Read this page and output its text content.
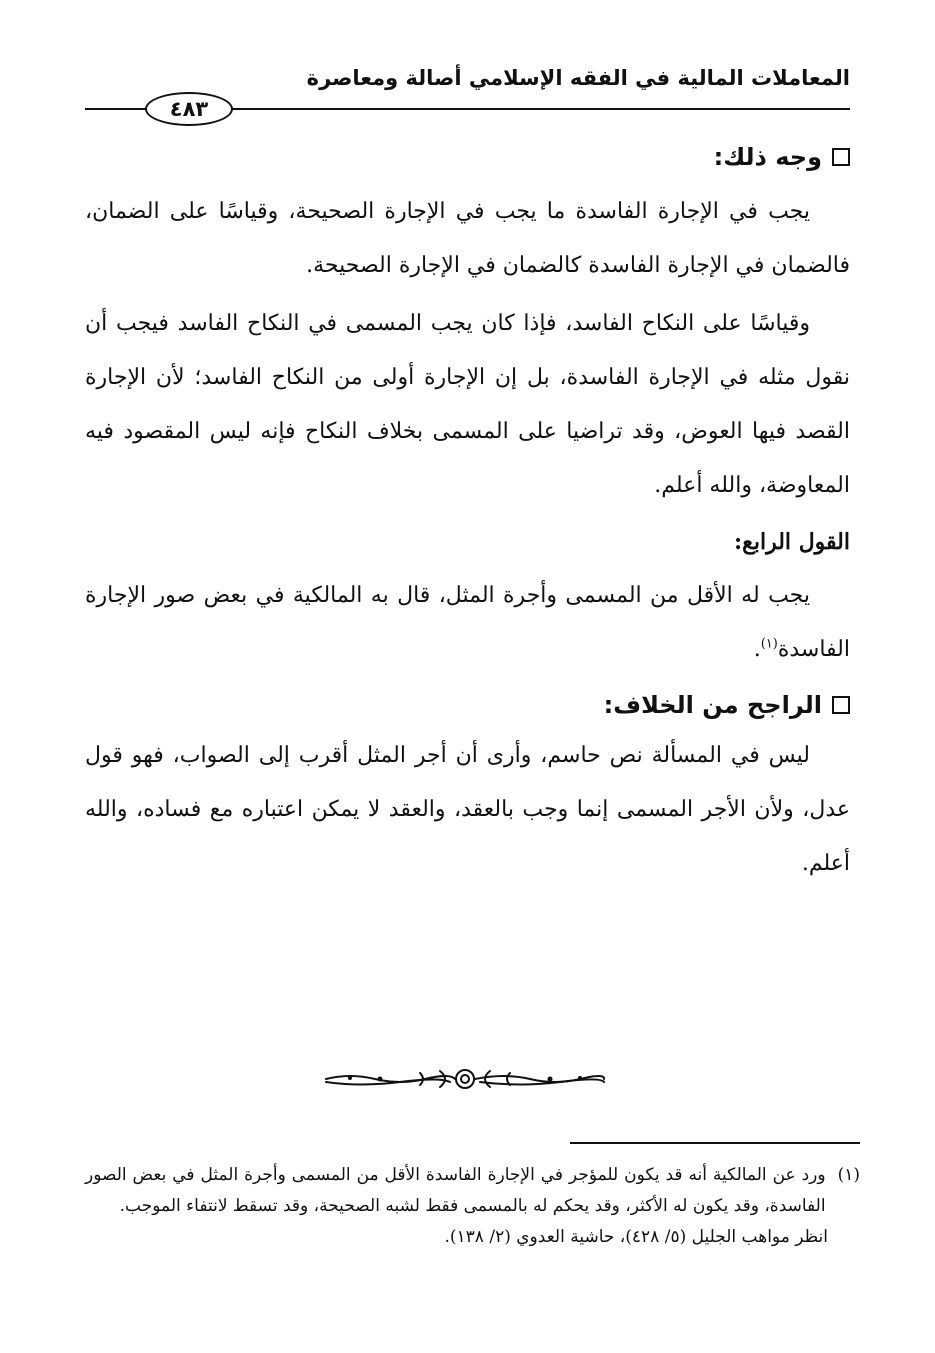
المعاملات المالية في الفقه الإسلامي أصالة ومعاصرة
٤٨٣
وجه ذلك:

يجب في الإجارة الفاسدة ما يجب في الإجارة الصحيحة، وقياسًا على الضمان، فالضمان في الإجارة الفاسدة كالضمان في الإجارة الصحيحة.

وقياسًا على النكاح الفاسد، فإذا كان يجب المسمى في النكاح الفاسد فيجب أن نقول مثله في الإجارة الفاسدة، بل إن الإجارة أولى من النكاح الفاسد؛ لأن الإجارة القصد فيها العوض، وقد تراضيا على المسمى بخلاف النكاح فإنه ليس المقصود فيه المعاوضة، والله أعلم.

القول الرابع:

يجب له الأقل من المسمى وأجرة المثل، قال به المالكية في بعض صور الإجارة الفاسدة$^{(١)}$.

الراجح من الخلاف:

ليس في المسألة نص حاسم، وأرى أن أجر المثل أقرب إلى الصواب، فهو قول عدل، ولأن الأجر المسمى إنما وجب بالعقد، والعقد لا يمكن اعتباره مع فساده، والله أعلم.

(١)
ورد عن المالكية أنه قد يكون للمؤجر في الإجارة الفاسدة الأقل من المسمى وأجرة المثل في بعض الصور الفاسدة، وقد يكون له الأكثر، وقد يحكم له بالمسمى فقط لشبه الصحيحة، وقد تسقط لانتفاء الموجب.
انظر مواهب الجليل (٥/ ٤٢٨)، حاشية العدوي (٢/ ١٣٨).
